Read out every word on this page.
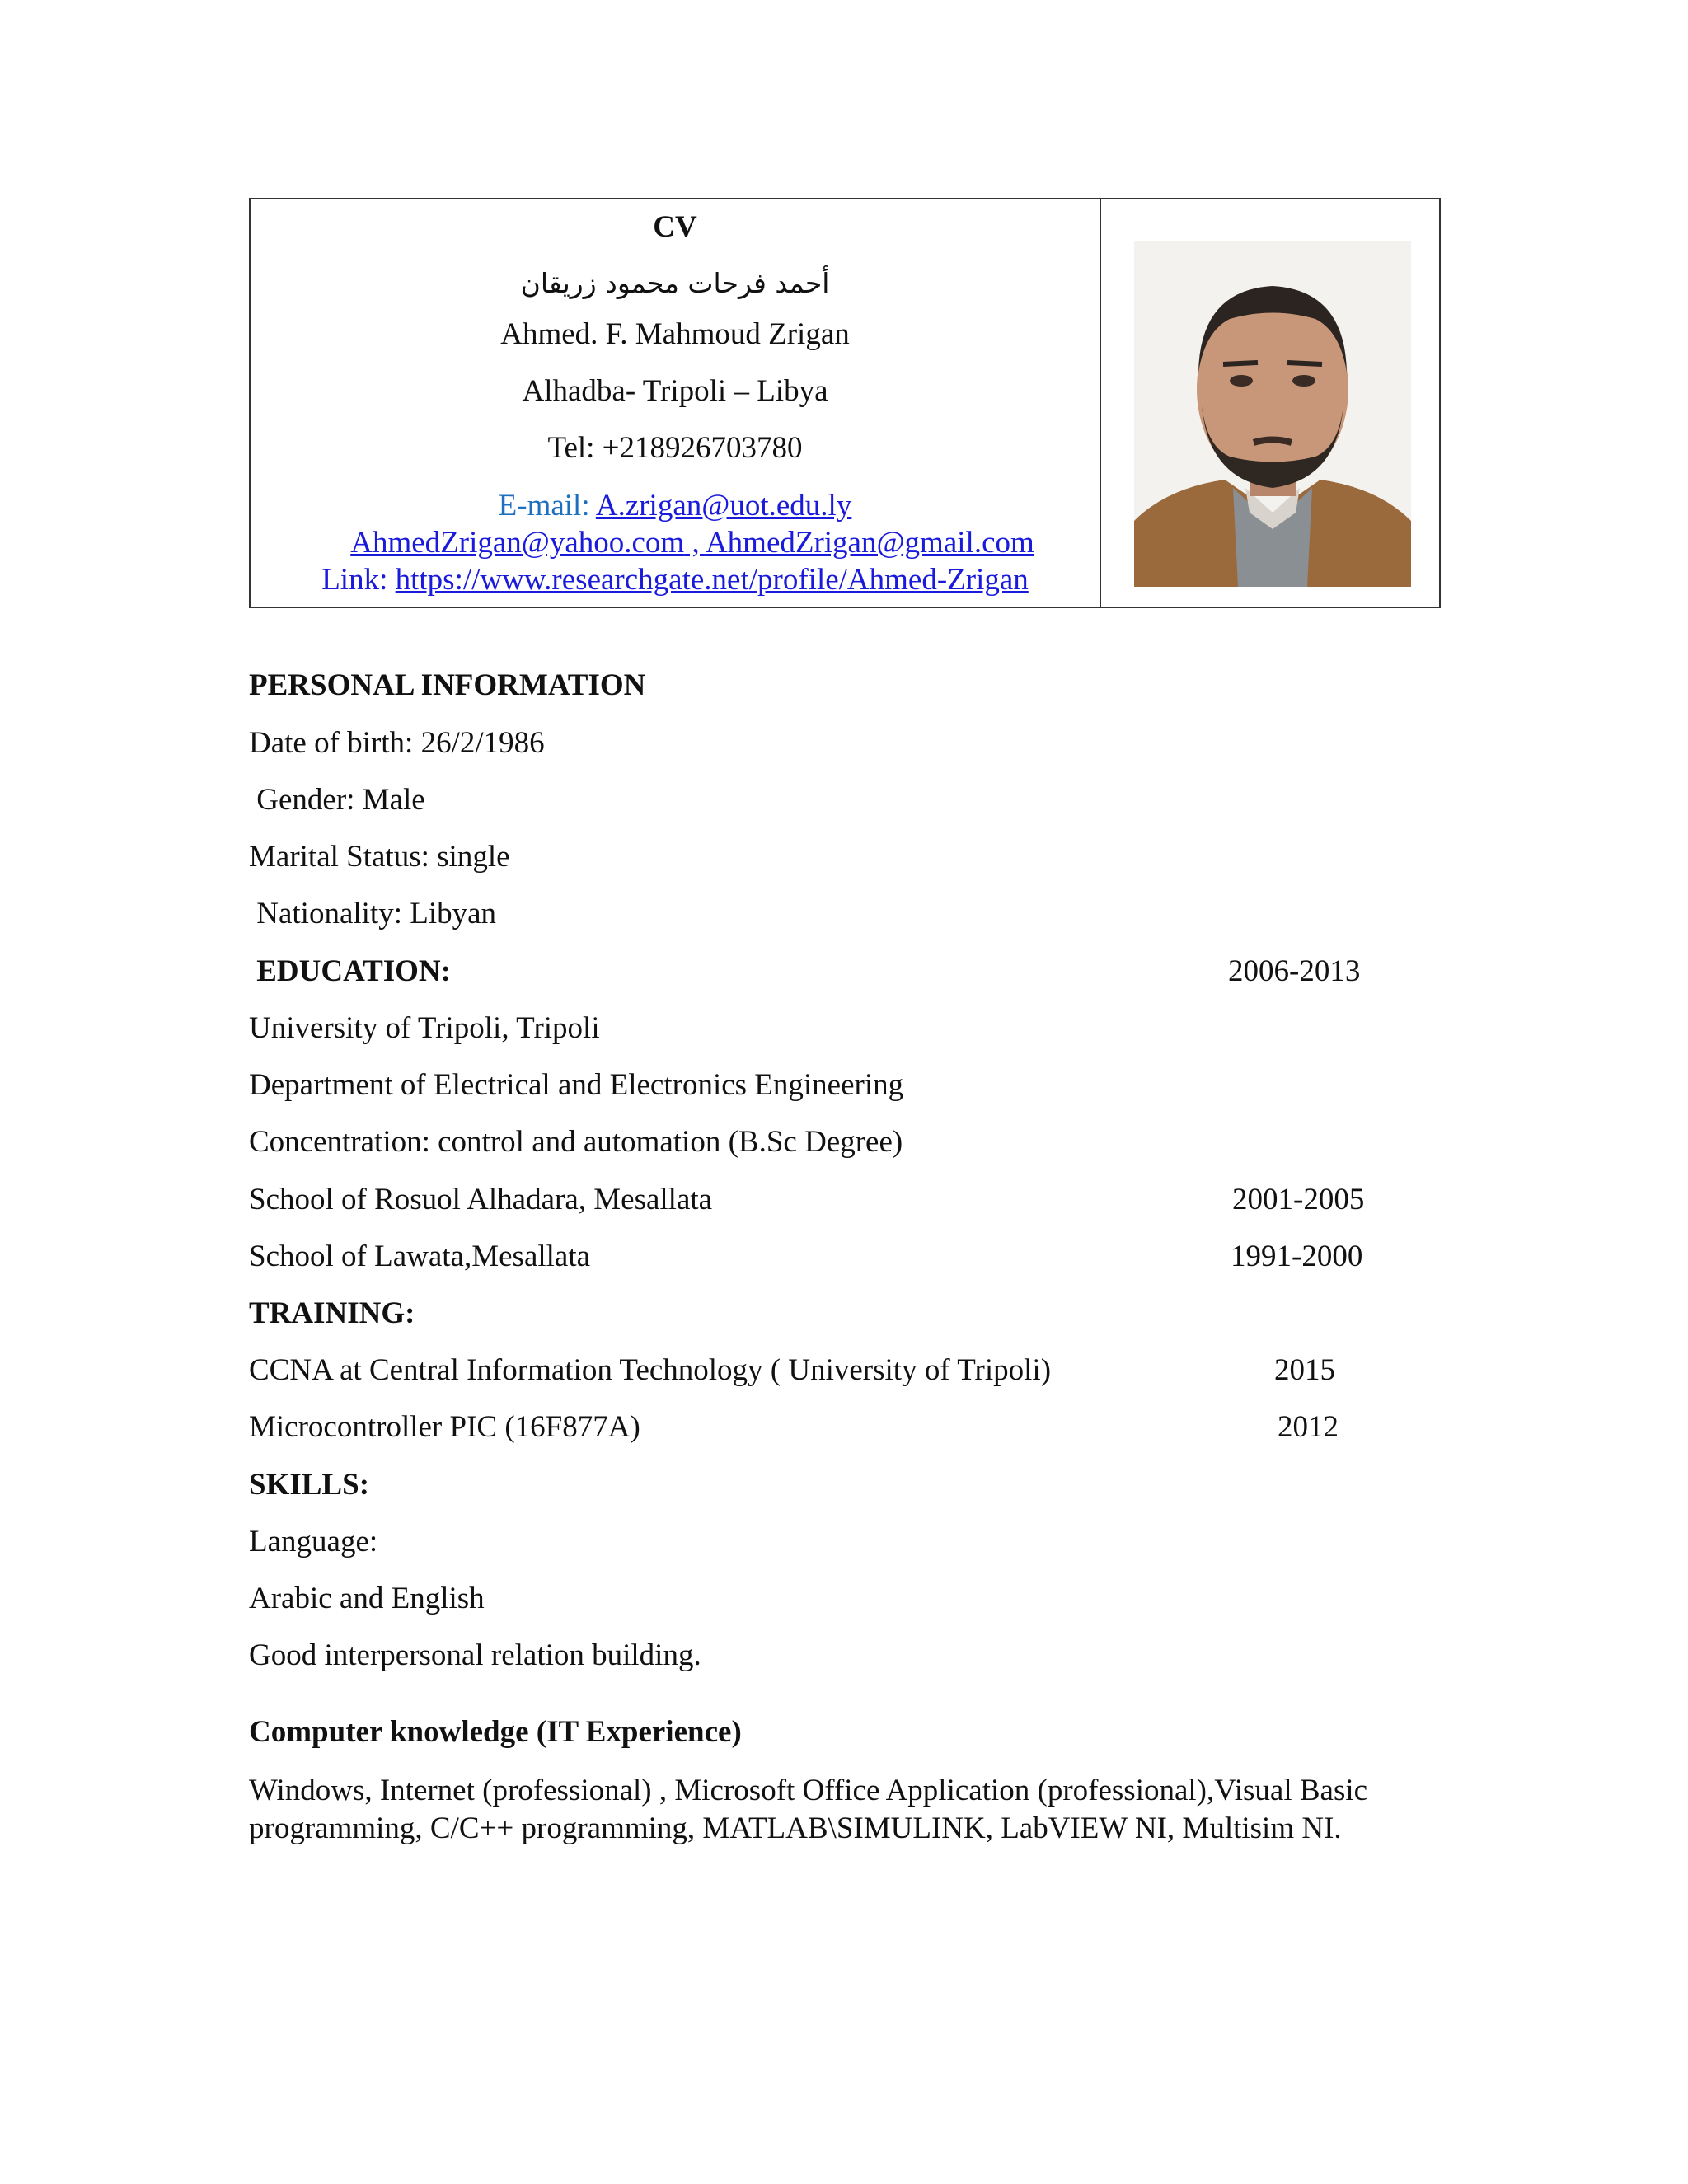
CV
أحمد فرحات محمود زريقان
Ahmed. F. Mahmoud Zrigan
Alhadba- Tripoli – Libya
Tel: +218926703780
E-mail: A.zrigan@uot.edu.ly
AhmedZrigan@yahoo.com , AhmedZrigan@gmail.com
Link: https://www.researchgate.net/profile/Ahmed-Zrigan
PERSONAL INFORMATION
Date of birth: 26/2/1986
Gender: Male
Marital Status: single
Nationality: Libyan
EDUCATION:	2006-2013
University of Tripoli, Tripoli
Department of Electrical and Electronics Engineering
Concentration: control and automation (B.Sc Degree)
School of Rosuol Alhadara, Mesallata	2001-2005
School of Lawata,Mesallata	1991-2000
TRAINING:
CCNA at Central Information Technology ( University of Tripoli)	2015
Microcontroller PIC (16F877A)	2012
SKILLS:
Language:
Arabic and English
Good interpersonal relation building.
Computer knowledge (IT Experience)
Windows, Internet (professional) , Microsoft Office Application (professional),Visual Basic programming, C/C++ programming, MATLAB\SIMULINK, LabVIEW NI, Multisim NI.
